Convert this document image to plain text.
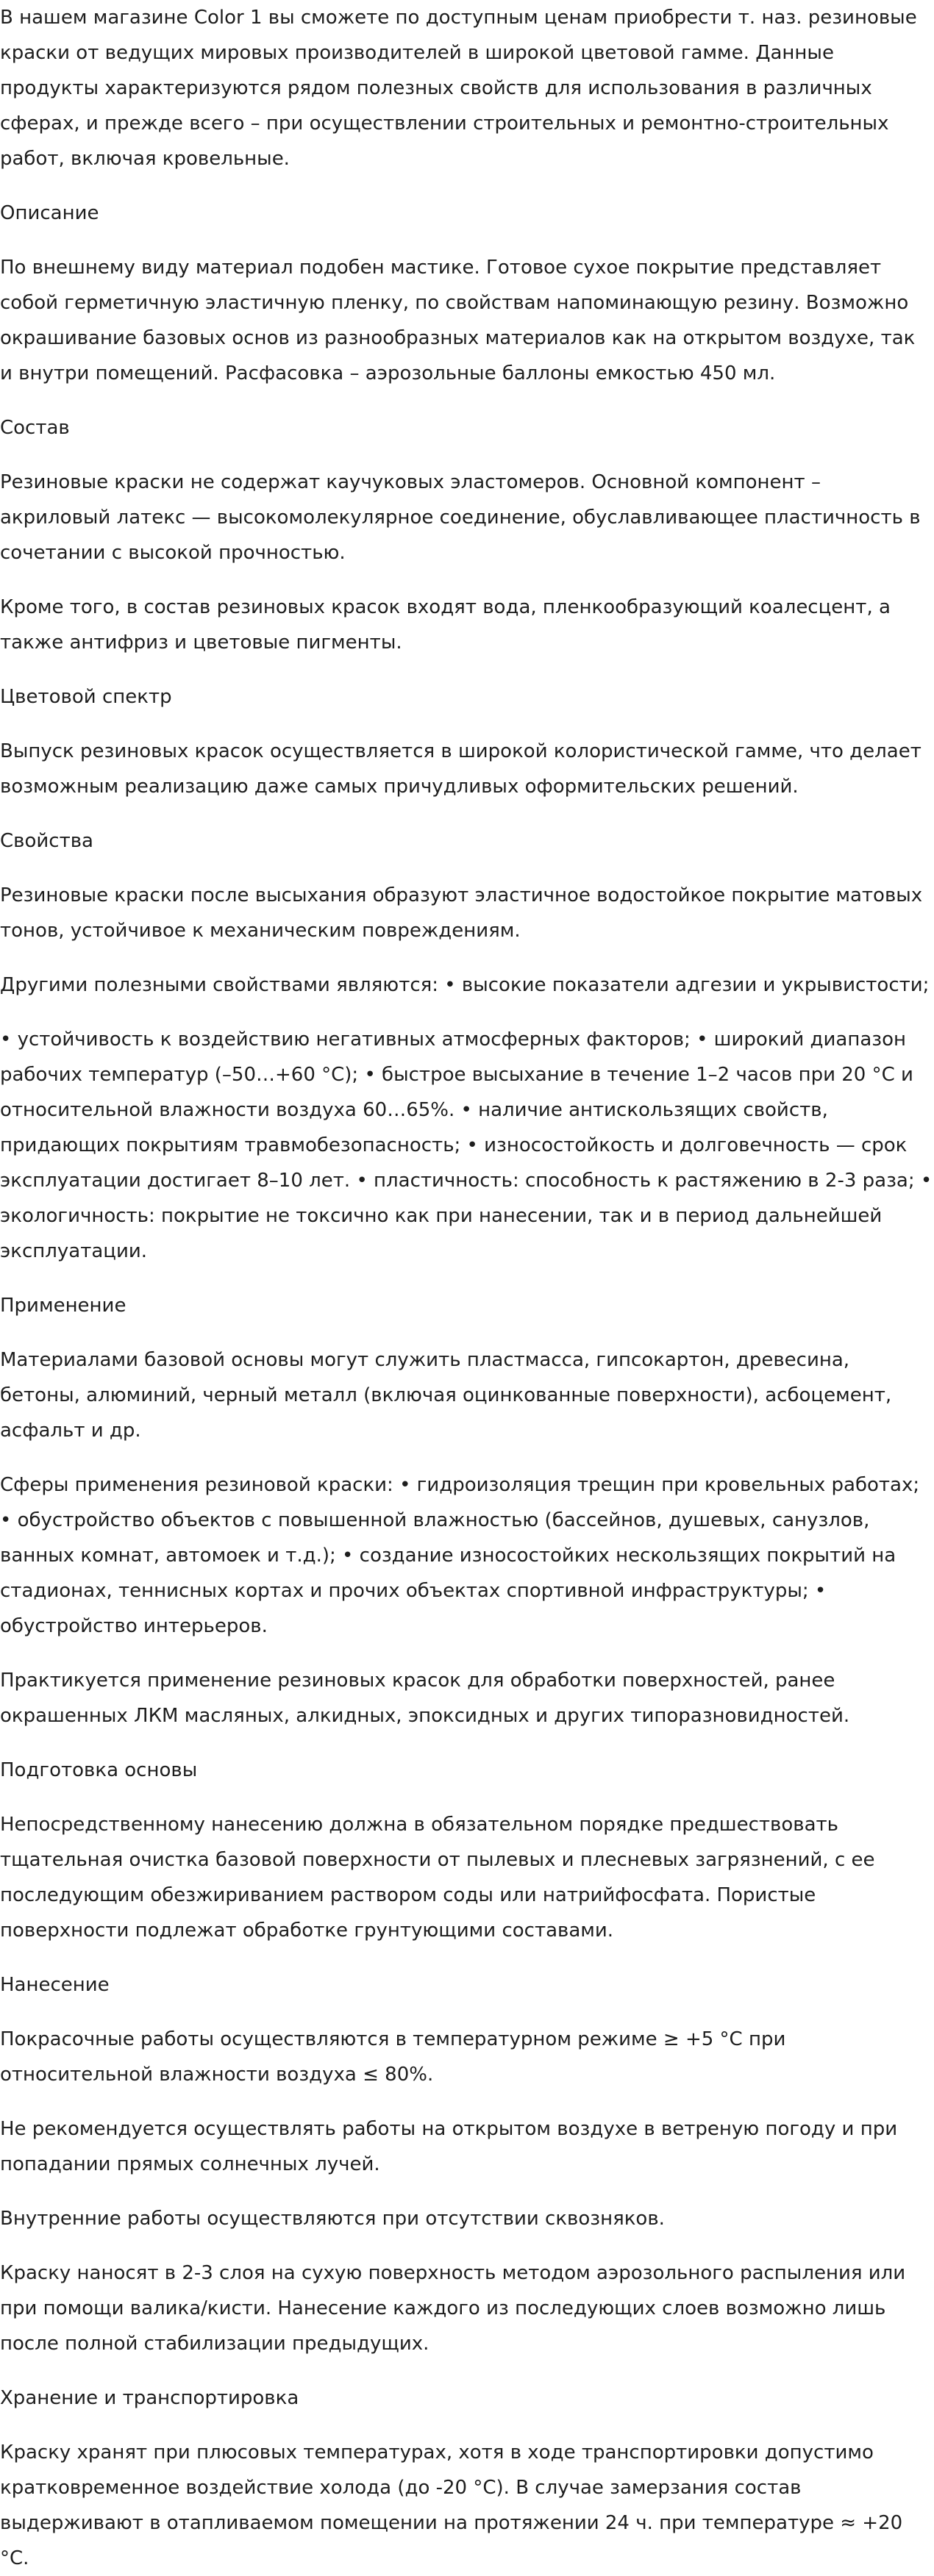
В нашем магазине Color 1 вы сможете по доступным ценам приобрести т. наз. резиновые краски от ведущих мировых производителей в широкой цветовой гамме. Данные продукты характеризуются рядом полезных свойств для использования в различных сферах, и прежде всего – при осуществлении строительных и ремонтно-строительных работ, включая кровельные.

Описание

По внешнему виду материал подобен мастике. Готовое сухое покрытие представляет собой герметичную эластичную пленку, по свойствам напоминающую резину. Возможно окрашивание базовых основ из разнообразных материалов как на открытом воздухе, так и внутри помещений. Расфасовка – аэрозольные баллоны емкостью 450 мл.

Состав

Резиновые краски не содержат каучуковых эластомеров. Основной компонент – акриловый латекс — высокомолекулярное соединение, обуславливающее пластичность в сочетании с высокой прочностью.

Кроме того, в состав резиновых красок входят вода, пленкообразующий коалесцент, а также антифриз и цветовые пигменты.

Цветовой спектр

Выпуск резиновых красок осуществляется в широкой колористической гамме, что делает возможным реализацию даже самых причудливых оформительских решений.

Свойства

Резиновые краски после высыхания образуют эластичное водостойкое покрытие матовых тонов, устойчивое к механическим повреждениям.

Другими полезными свойствами являются: • высокие показатели адгезии и укрывистости;

• устойчивость к воздействию негативных атмосферных факторов; • широкий диапазон рабочих температур (–50…+60 °C); • быстрое высыхание в течение 1–2 часов при 20 °C и относительной влажности воздуха 60…65%. • наличие антискользящих свойств, придающих покрытиям травмобезопасность; • износостойкость и долговечность — срок эксплуатации достигает 8–10 лет. • пластичность: способность к растяжению в 2-3 раза; • экологичность: покрытие не токсично как при нанесении, так и в период дальнейшей эксплуатации.

Применение

Материалами базовой основы могут служить пластмасса, гипсокартон, древесина, бетоны, алюминий, черный металл (включая оцинкованные поверхности), асбоцемент, асфальт и др.

Сферы применения резиновой краски: • гидроизоляция трещин при кровельных работах; • обустройство объектов с повышенной влажностью (бассейнов, душевых, санузлов, ванных комнат, автомоек и т.д.); • создание износостойких нескользящих покрытий на стадионах, теннисных кортах и прочих объектах спортивной инфраструктуры; • обустройство интерьеров.

Практикуется применение резиновых красок для обработки поверхностей, ранее окрашенных ЛКМ масляных, алкидных, эпоксидных и других типоразновидностей.

Подготовка основы

Непосредственному нанесению должна в обязательном порядке предшествовать тщательная очистка базовой поверхности от пылевых и плесневых загрязнений, с ее последующим обезжириванием раствором соды или натрийфосфата. Пористые поверхности подлежат обработке грунтующими составами.

Нанесение

Покрасочные работы осуществляются в температурном режиме ≥ +5 °С при относительной влажности воздуха ≤ 80%.

Не рекомендуется осуществлять работы на открытом воздухе в ветреную погоду и при попадании прямых солнечных лучей.

Внутренние работы осуществляются при отсутствии сквозняков.

Краску наносят в 2-3 слоя на сухую поверхность методом аэрозольного распыления или при помощи валика/кисти. Нанесение каждого из последующих слоев возможно лишь после полной стабилизации предыдущих.

Хранение и транспортировка

Краску хранят при плюсовых температурах, хотя в ходе транспортировки допустимо кратковременное воздействие холода (до -20 °С). В случае замерзания состав выдерживают в отапливаемом помещении на протяжении 24 ч. при температуре ≈ +20 °С.
